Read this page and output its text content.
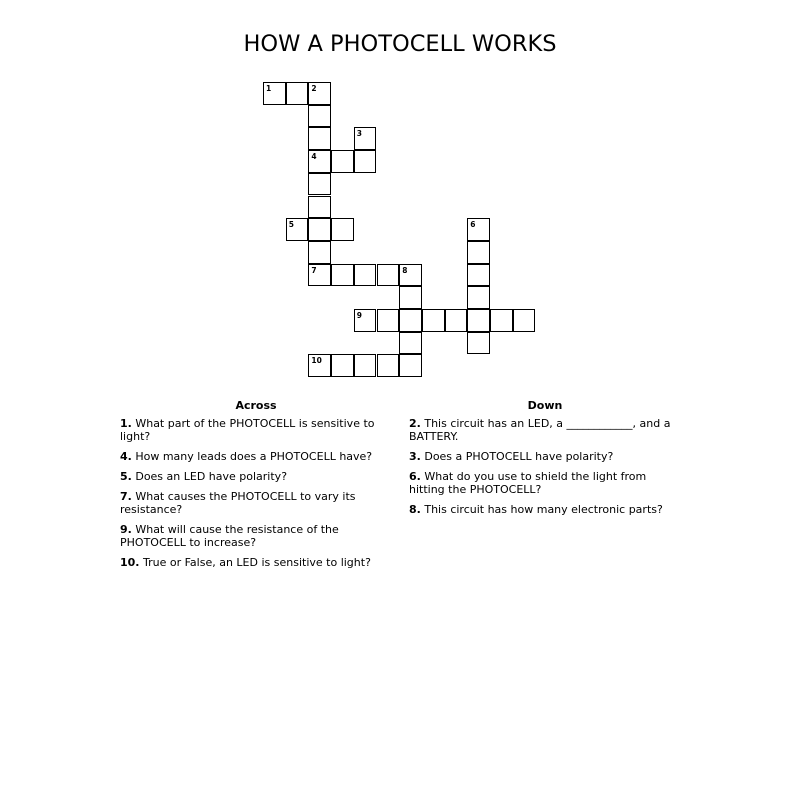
HOW A PHOTOCELL WORKS
1	2
3
4
5	6
7	8
9
10
Across	Down
1. What part of the PHOTOCELL is sensitive to light?
4. How many leads does a PHOTOCELL have?
5. Does an LED have polarity?
7. What causes the PHOTOCELL to vary its resistance?
9. What will cause the resistance of the PHOTOCELL to increase?
10. True or False, an LED is sensitive to light?
2. This circuit has an LED, a ____________, and a BATTERY.
3. Does a PHOTOCELL have polarity?
6. What do you use to shield the light from hitting the PHOTOCELL?
8. This circuit has how many electronic parts?
